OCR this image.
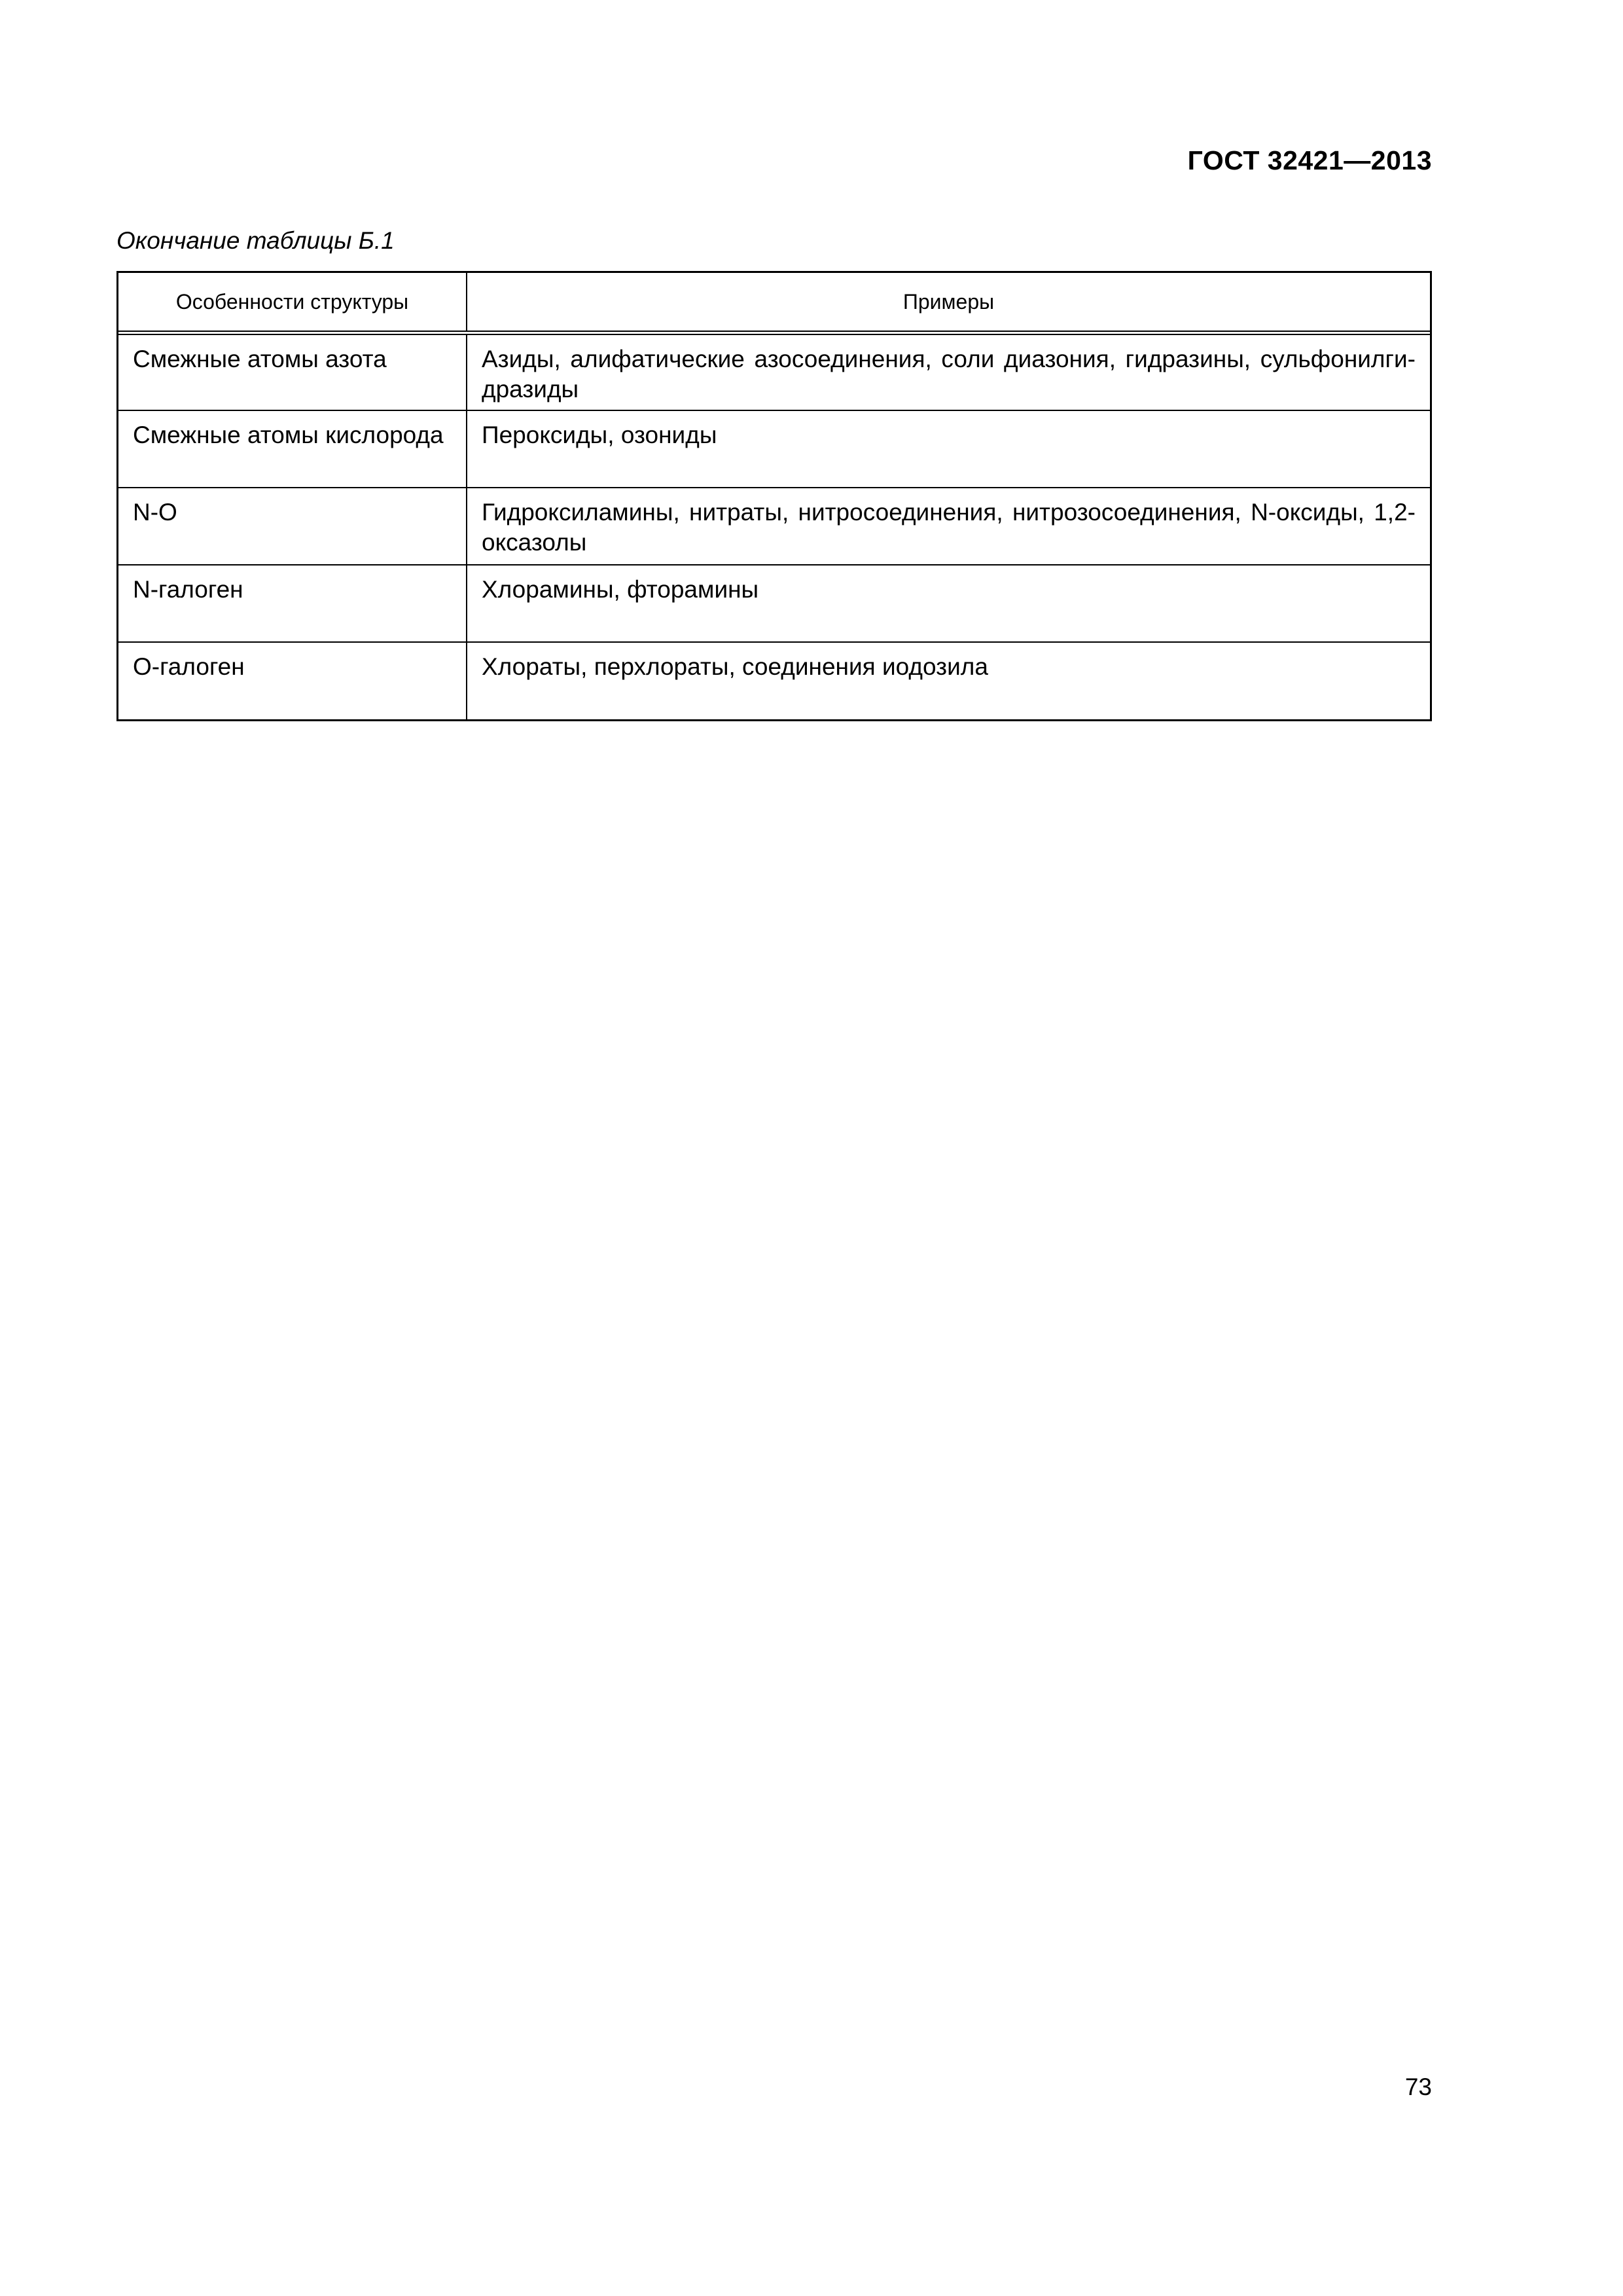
ГОСТ 32421—2013
Окончание таблицы Б.1
Особенности структуры	Примеры
Смежные атомы азота	Азиды, алифатические азосоединения, соли диазония, гидразины, сульфонилгидразиды
Смежные атомы кислорода	Пероксиды, озониды
N-O	Гидроксиламины, нитраты, нитросоединения, нитрозосоединения, N-оксиды, 1,2-оксазолы
N-галоген	Хлорамины, фторамины
O-галоген	Хлораты, перхлораты, соединения иодозила
73
